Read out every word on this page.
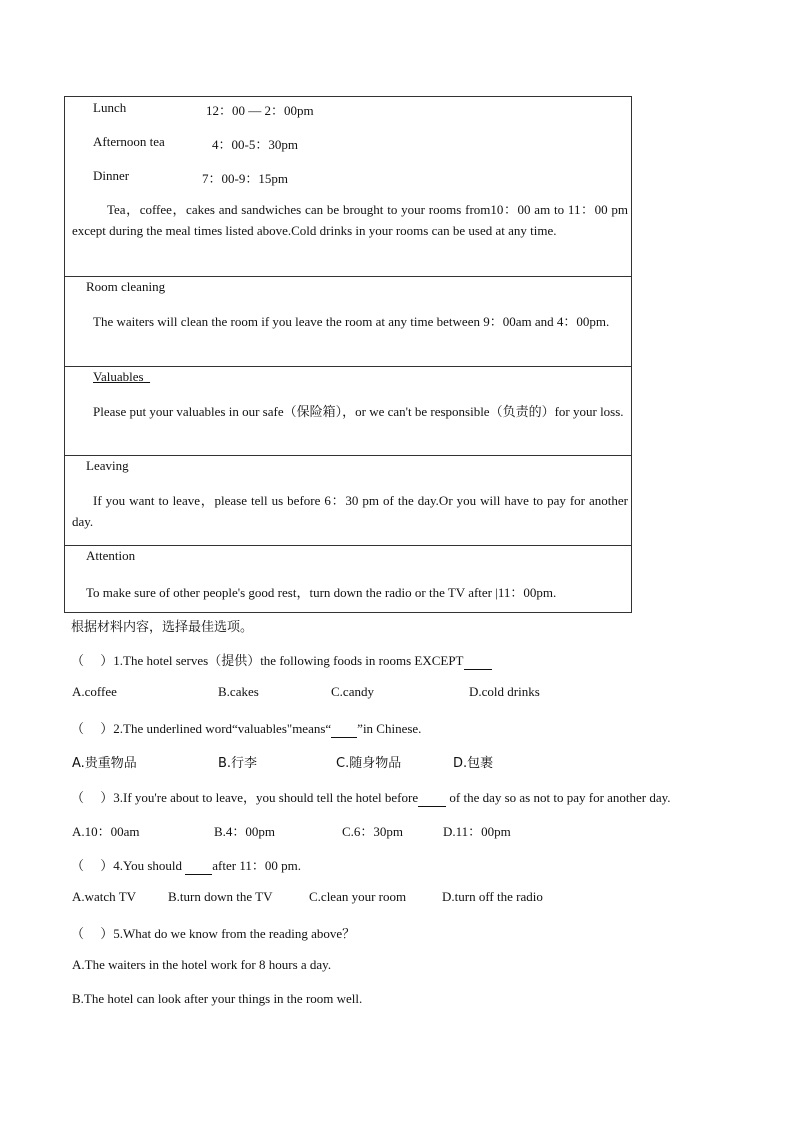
Lunch	12：00 — 2：00pm
Afternoon tea	4：00-5：30pm
Dinner	7：00-9：15pm
Tea，coffee，cakes and sandwiches can be brought to your rooms from10：00 am to 11：00 pm except during the meal times listed above.Cold drinks in your rooms can be used at any time.
Room cleaning
The waiters will clean the room if you leave the room at any time between 9：00am and 4：00pm.
Valuables
Please put your valuables in our safe（保险箱），or we can't be responsible（负责的）for your loss.
Leaving
If you want to leave，please tell us before 6：30 pm of the day.Or you will have to pay for another day.
Attention
To make sure of other people's good rest，turn down the radio or the TV after |11：00pm.
根据材料内容，选择最佳选项。
（　 ）1.The hotel serves（提供）the following foods in rooms EXCEPT
A.coffee	B.cakes	C.candy	D.cold drinks
（　 ）2.The underlined word“valuables"means“ ”in Chinese.
A.贵重物品	B.行李	C.随身物品	D.包裹
（　 ）3.If you're about to leave，you should tell the hotel before  of the day so as not to pay for another day.
A.10：00am	B.4：00pm	C.6：30pm	D.11：00pm
（　 ）4.You should  after 11：00 pm.
A.watch TV B.turn down the TV	C.clean your room	D.turn off the radio
（　 ）5.What do we know from the reading above？
A.The waiters in the hotel work for 8 hours a day.
B.The hotel can look after your things in the room well.
